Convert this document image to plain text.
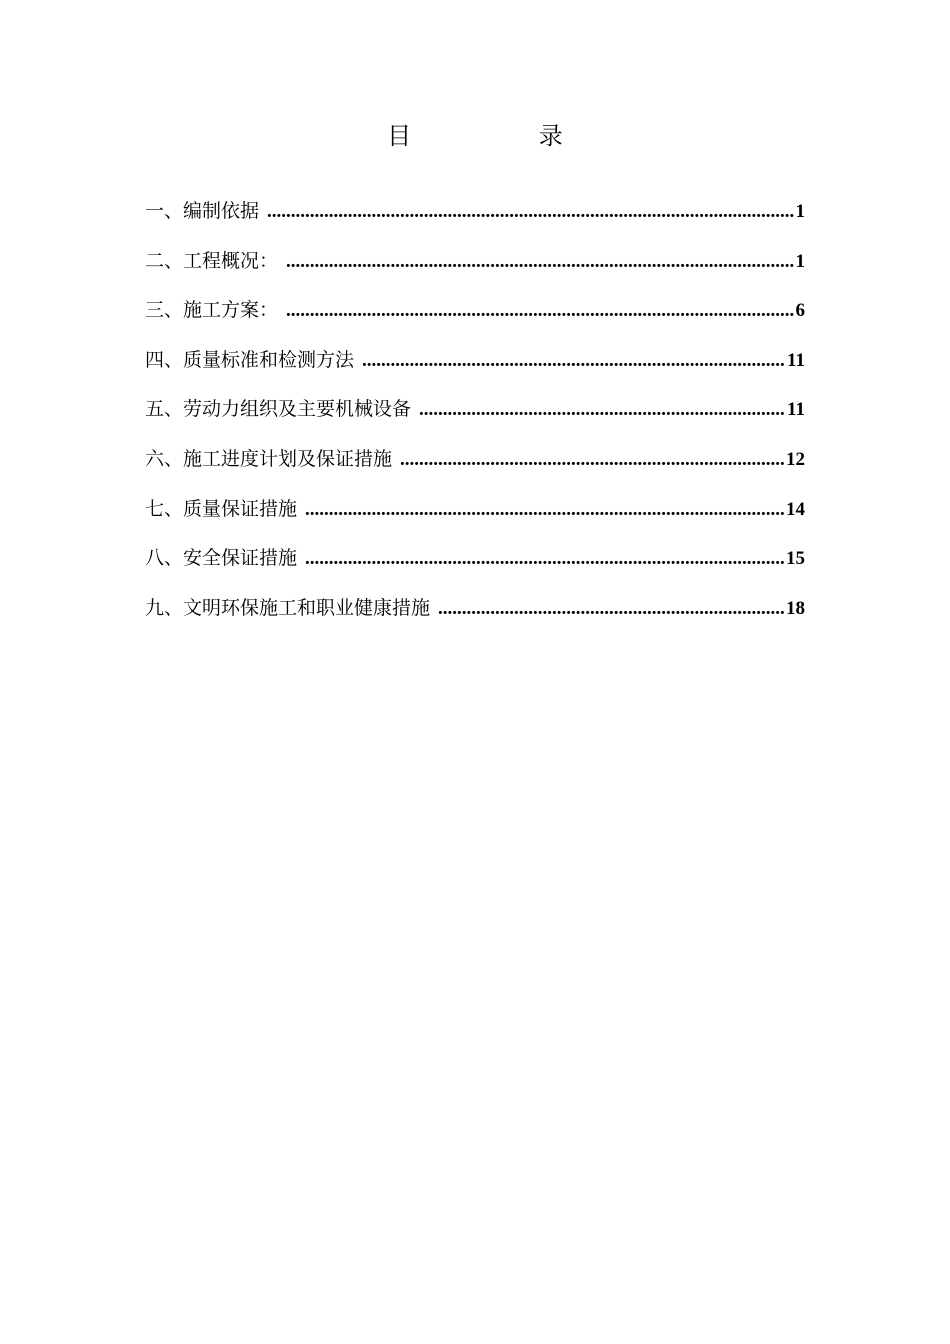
目 录
一、编制依据 .....	1
二、工程概况： .....	1
三、施工方案： .....	6
四、质量标准和检测方法 .....	11
五、劳动力组织及主要机械设备 .....	11
六、施工进度计划及保证措施 .....	12
七、质量保证措施 .....	14
八、安全保证措施 .....	15
九、文明环保施工和职业健康措施 .....	18
